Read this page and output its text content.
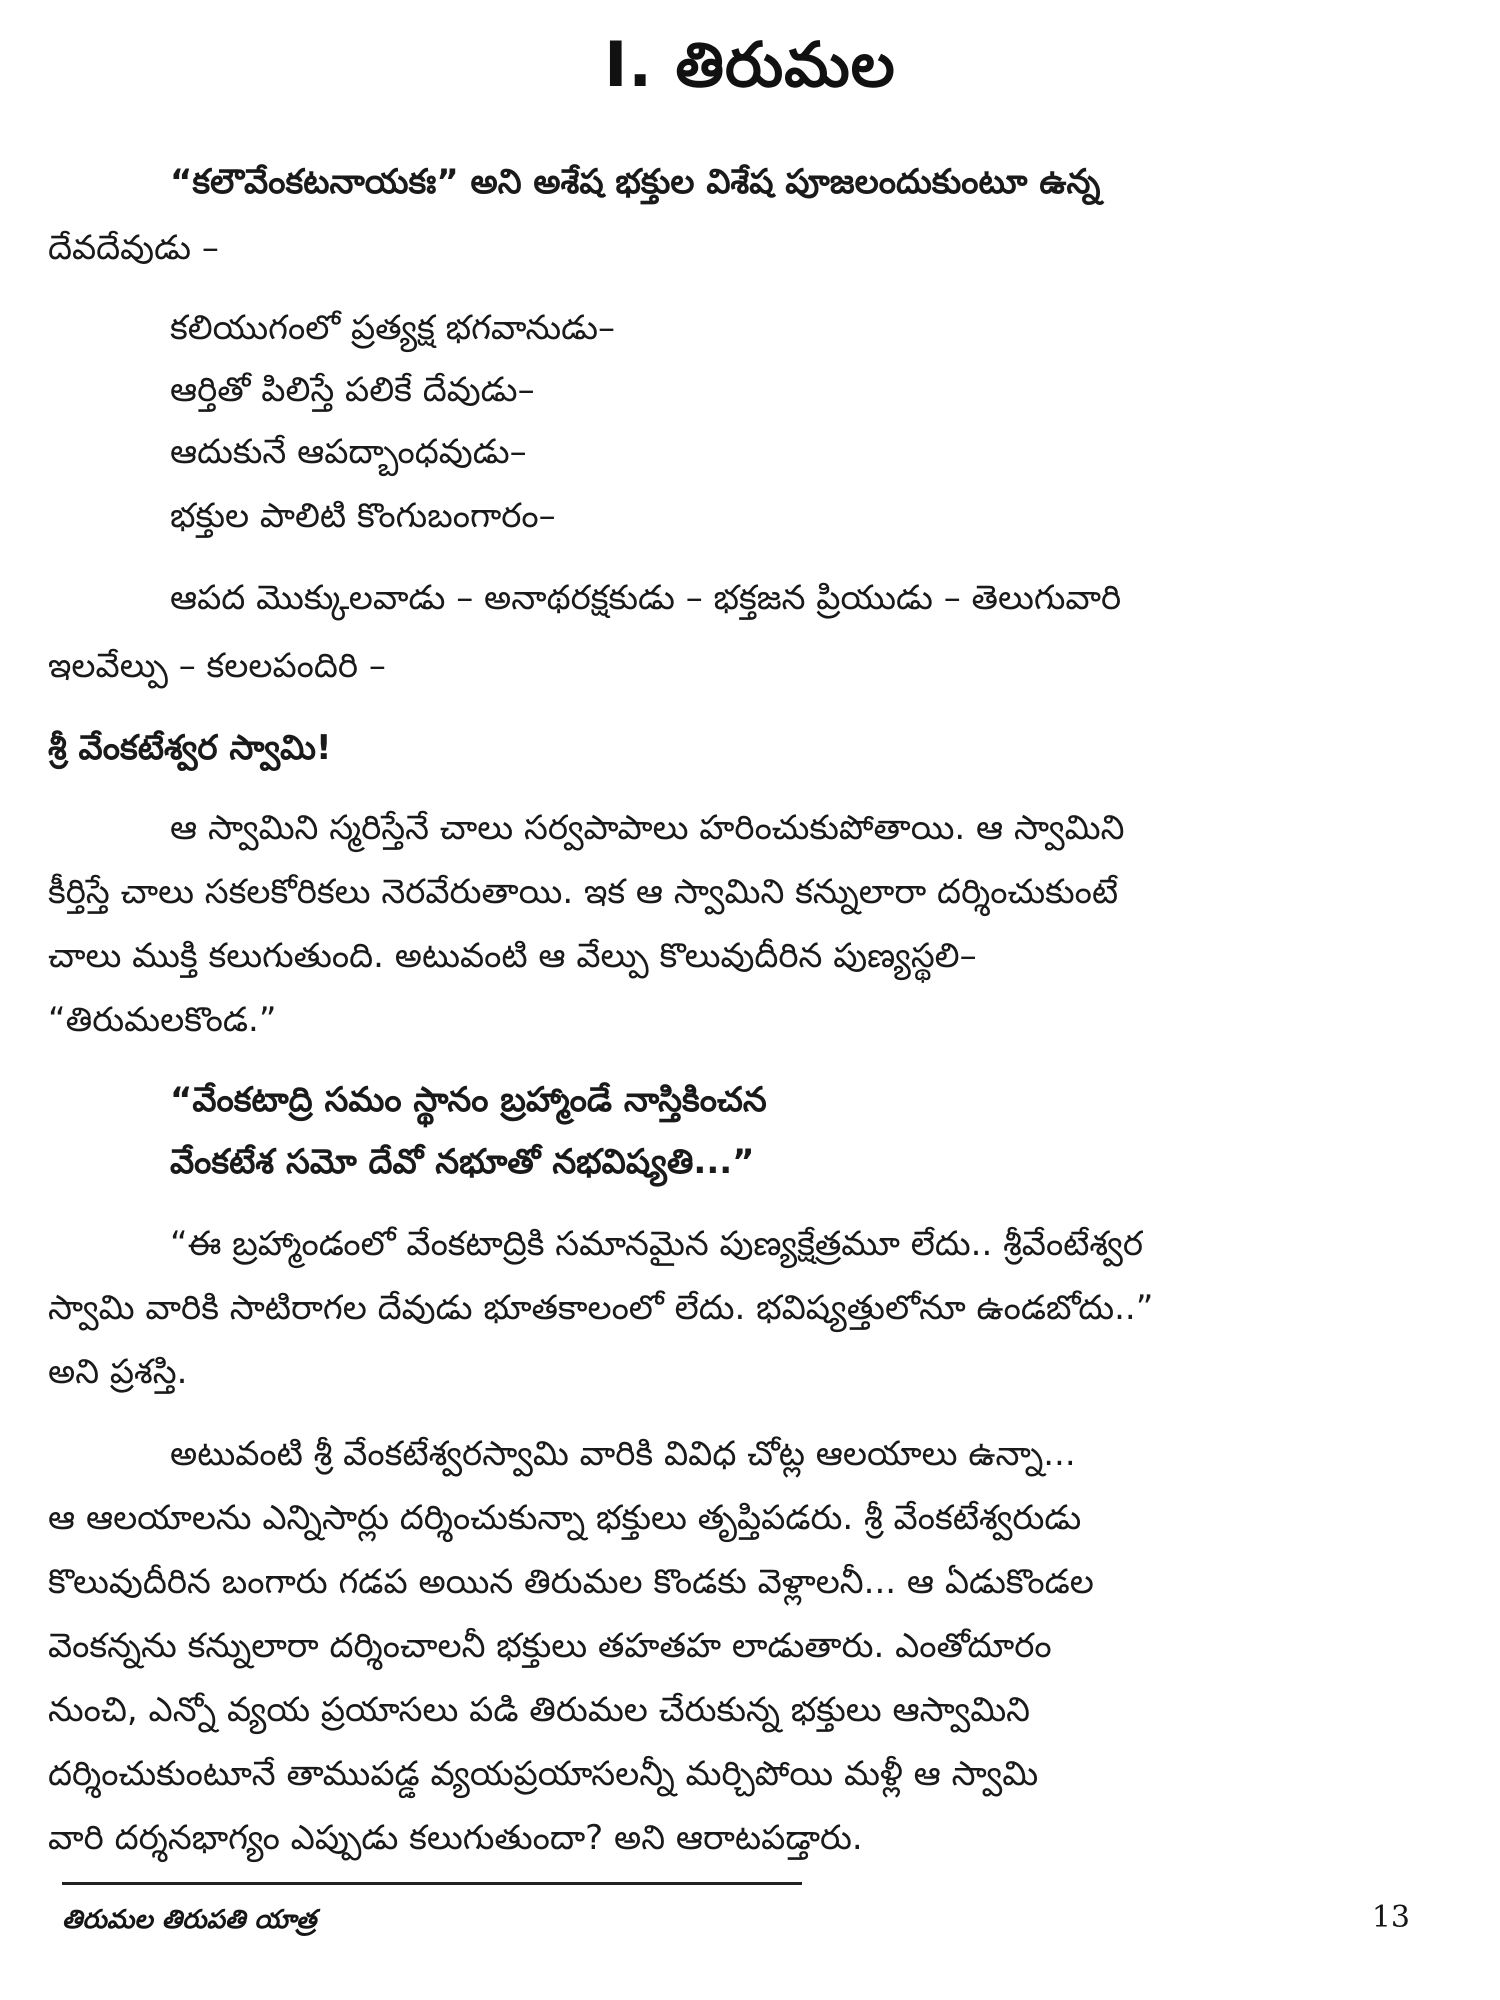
I. తిరుమల
“కలౌవేంకటనాయకః” అని అశేష భక్తుల విశేష పూజలందుకుంటూ ఉన్న
దేవదేవుడు –
కలియుగంలో ప్రత్యక్ష భగవానుడు–
ఆర్తితో పిలిస్తే పలికే దేవుడు–
ఆదుకునే ఆపద్బాంధవుడు–
భక్తుల పాలిటి కొంగుబంగారం–
ఆపద మొక్కులవాడు – అనాథరక్షకుడు – భక్తజన ప్రియుడు – తెలుగువారి
ఇలవేల్పు – కలలపందిరి –
శ్రీ వేంకటేశ్వర స్వామి!
ఆ స్వామిని స్మరిస్తేనే చాలు సర్వపాపాలు హరించుకుపోతాయి. ఆ స్వామిని
కీర్తిస్తే చాలు సకలకోరికలు నెరవేరుతాయి. ఇక ఆ స్వామిని కన్నులారా దర్శించుకుంటే
చాలు ముక్తి కలుగుతుంది. అటువంటి ఆ వేల్పు కొలువుదీరిన పుణ్యస్థలి–
“తిరుమలకొండ.”
“వేంకటాద్రి సమం స్థానం బ్రహ్మాండే నాస్తికించన
వేంకటేశ సమో దేవో నభూతో నభవిష్యతి...”
“ఈ బ్రహ్మాండంలో వేంకటాద్రికి సమానమైన పుణ్యక్షేత్రమూ లేదు.. శ్రీవేంటేశ్వర
స్వామి వారికి సాటిరాగల దేవుడు భూతకాలంలో లేదు. భవిష్యత్తులోనూ ఉండబోదు..”
అని ప్రశస్తి.
అటువంటి శ్రీ వేంకటేశ్వరస్వామి వారికి వివిధ చోట్ల ఆలయాలు ఉన్నా...
ఆ ఆలయాలను ఎన్నిసార్లు దర్శించుకున్నా భక్తులు తృప్తిపడరు. శ్రీ వేంకటేశ్వరుడు
కొలువుదీరిన బంగారు గడప అయిన తిరుమల కొండకు వెళ్లాలనీ... ఆ ఏడుకొండల
వెంకన్నను కన్నులారా దర్శించాలనీ భక్తులు తహతహ లాడుతారు. ఎంతోదూరం
నుంచి, ఎన్నో వ్యయ ప్రయాసలు పడి తిరుమల చేరుకున్న భక్తులు ఆస్వామిని
దర్శించుకుంటూనే తాముపడ్డ వ్యయప్రయాసలన్నీ మర్చిపోయి మళ్లీ ఆ స్వామి
వారి దర్శనభాగ్యం ఎప్పుడు కలుగుతుందా? అని ఆరాటపడ్తారు.
తిరుమల తిరుపతి యాత్ర	13
